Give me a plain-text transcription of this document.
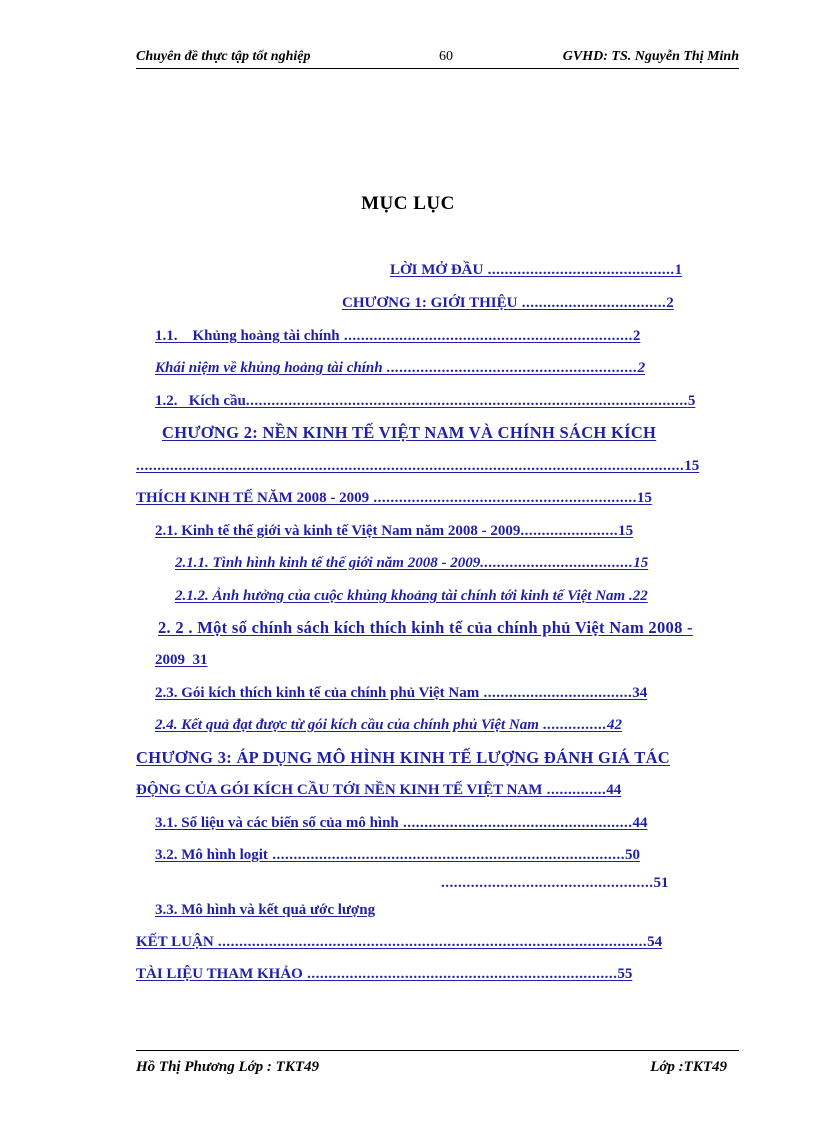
Chuyên đề thực tập tốt nghiệp	60	GVHD: TS. Nguyễn Thị Minh
MỤC LỤC
LỜI MỞ ĐẦU ............................................1
CHƯƠNG 1: GIỚI THIỆU ..................................2
1.1.    Khủng hoảng tài chính ....................................................................2
Khái niệm về khủng hoảng tài chính ...........................................................2
1.2.   Kích cầu........................................................................................................5
CHƯƠNG 2: NỀN KINH TẾ VIỆT NAM VÀ CHÍNH SÁCH KÍCH
.................................................................................................................................15
THÍCH KINH TẾ NĂM 2008 - 2009 ..............................................................15
2.1. Kinh tế thế giới và kinh tế Việt Nam năm 2008 - 2009.......................15
2.1.1. Tình hình kinh tế thế giới năm 2008 - 2009....................................15
2.1.2. Ảnh hưởng của cuộc khủng khoảng tài chính tới kinh tế Việt Nam .22
2. 2 . Một số chính sách kích thích kinh tế của chính phủ Việt Nam 2008 -
2009  31
2.3. Gói kích thích kinh tế của chính phủ Việt Nam ...................................34
2.4. Kết quả đạt được từ gói kích cầu của chính phủ Việt Nam ...............42
CHƯƠNG 3: ÁP DỤNG MÔ HÌNH KINH TẾ LƯỢNG ĐÁNH GIÁ TÁC
ĐỘNG CỦA GÓI KÍCH CẦU TỚI NỀN KINH TẾ VIỆT NAM ..............44
3.1. Số liệu và các biến số của mô hình ......................................................44
3.2. Mô hình logit ...................................................................................50
..................................................51
3.3. Mô hình và kết quả ước lượng
KẾT LUẬN .....................................................................................................54
TÀI LIỆU THAM KHẢO .........................................................................55
Hồ Thị Phương Lớp : TKT49	Lớp :TKT49
